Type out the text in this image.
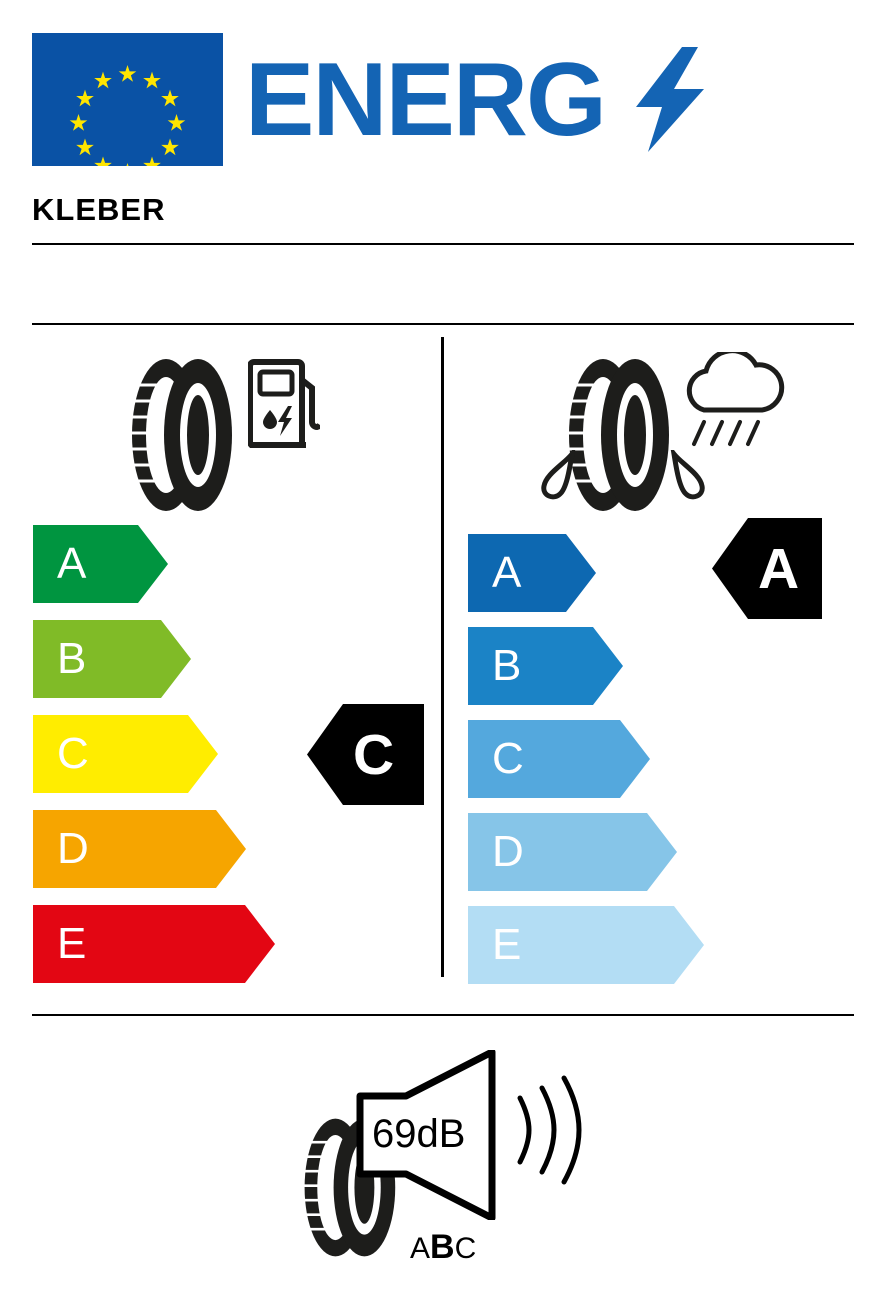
ENERG
KLEBER
A
B
C
D
E
C
A
B
C
D
E
A
69dB
ABC
